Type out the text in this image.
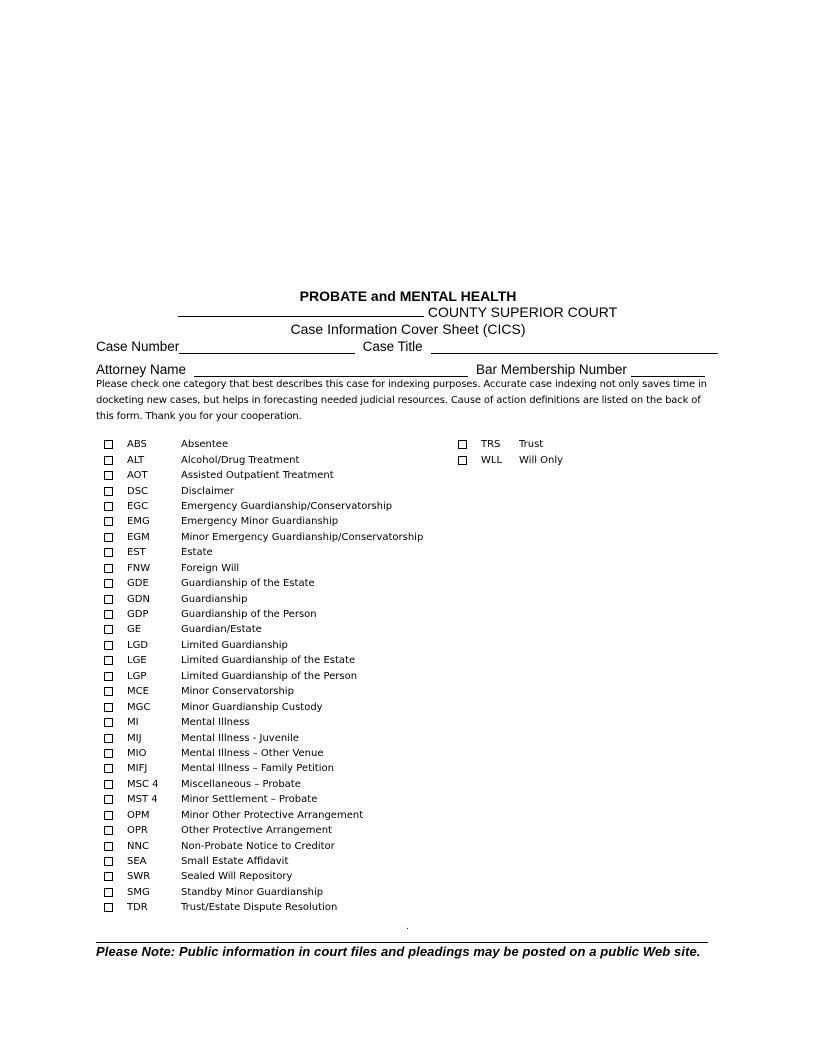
PROBATE and MENTAL HEALTH
COUNTY SUPERIOR COURT
Case Information Cover Sheet (CICS)
Case Number	Case Title
Attorney Name	Bar Membership Number
Please check one category that best describes this case for indexing purposes. Accurate case indexing not only saves time in docketing new cases, but helps in forecasting needed judicial resources. Cause of action definitions are listed on the back of this form. Thank you for your cooperation.
ABS	Absentee
ALT	Alcohol/Drug Treatment
AOT	Assisted Outpatient Treatment
DSC	Disclaimer
EGC	Emergency Guardianship/Conservatorship
EMG	Emergency Minor Guardianship
EGM	Minor Emergency Guardianship/Conservatorship
EST	Estate
FNW	Foreign Will
GDE	Guardianship of the Estate
GDN	Guardianship
GDP	Guardianship of the Person
GE	Guardian/Estate
LGD	Limited Guardianship
LGE	Limited Guardianship of the Estate
LGP	Limited Guardianship of the Person
MCE	Minor Conservatorship
MGC	Minor Guardianship Custody
MI	Mental Illness
MIJ	Mental Illness - Juvenile
MIO	Mental Illness – Other Venue
MIFJ	Mental Illness – Family Petition
MSC 4	Miscellaneous – Probate
MST 4	Minor Settlement – Probate
OPM	Minor Other Protective Arrangement
OPR	Other Protective Arrangement
NNC	Non-Probate Notice to Creditor
SEA	Small Estate Affidavit
SWR	Sealed Will Repository
SMG	Standby Minor Guardianship
TDR	Trust/Estate Dispute Resolution
TRS	Trust
WLL	Will Only
.
Please Note: Public information in court files and pleadings may be posted on a public Web site.
